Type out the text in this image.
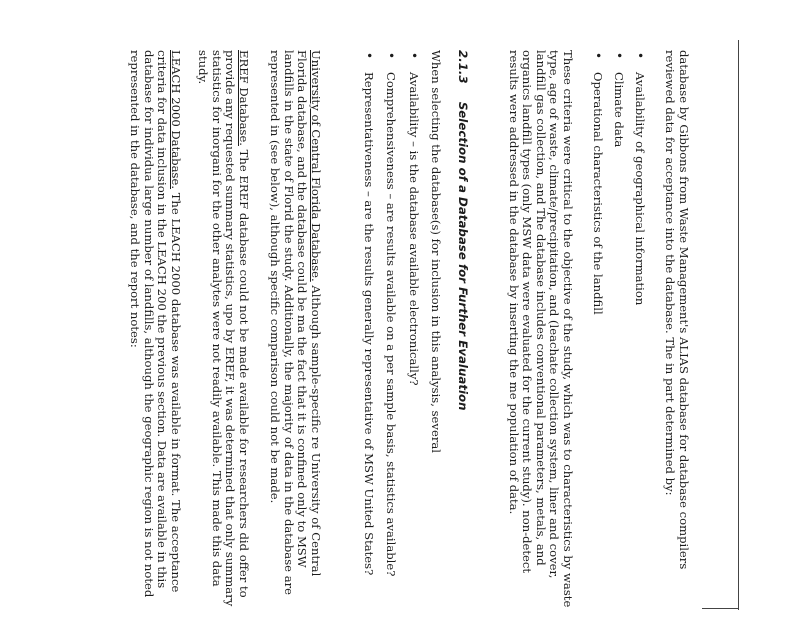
database by Gibbons from Waste Management's ALIAS database for database compilers reviewed data for acceptance into the database. The in part determined by:

• Availability of geographical information
• Climate data
• Operational characteristics of the landfill

These criteria were critical to the objective of the study, which was to characteristics by waste type, age of waste, climate/precipitation, and (leachate collection system, liner and cover, landfill gas collection, and The database includes conventional parameters, metals, and organics landfill types (only MSW data were evaluated for the current study). non-detect results were addressed in the database by inserting the me population of data.

2.1.3  Selection of a Database for Further Evaluation

When selecting the database(s) for inclusion in this analysis, several

• Availability – is the database available electronically?
• Comprehensiveness – are results available on a per sample basis, statistics available?
• Representativeness – are the results generally representative of MSW United States?

University of Central Florida Database. Although sample-specific re University of Central Florida database, and the database could be ma the fact that it is confined only to MSW landfills in the state of Florid the study. Additionally, the majority of data in the database are represented in (see below), although specific comparison could not be made.

EREF Database. The EREF database could not be made available for researchers did offer to provide any requested summary statistics, upo by EREF, it was determined that only summary statistics for inorgani for the other analytes were not readily available. This made this data study.

LEACH 2000 Database. The LEACH 2000 database was available in format. The acceptance criteria for data inclusion in the LEACH 200 the previous section. Data are available in this database for individua large number of landfills, although the geographic region is not noted represented in the database, and the report notes:
